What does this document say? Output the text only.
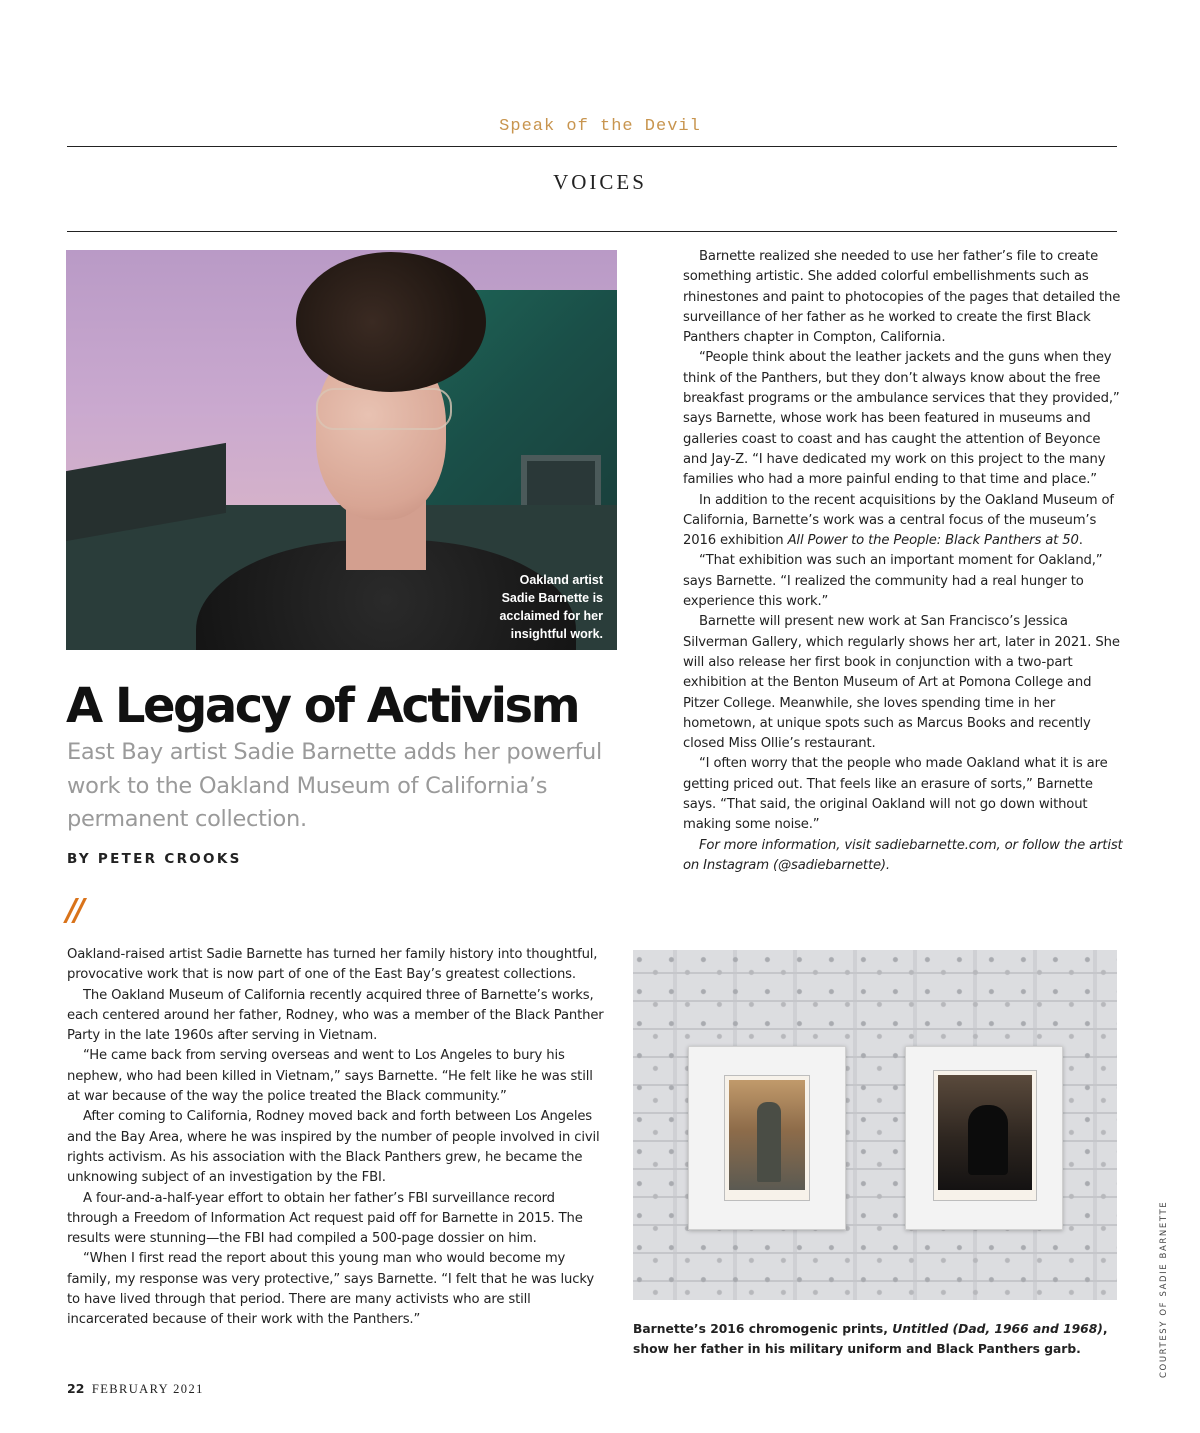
Speak of the Devil
VOICES
Oakland artist
Sadie Barnette is
acclaimed for her
insightful work.
A Legacy of Activism
East Bay artist Sadie Barnette adds her powerful work to the Oakland Museum of California’s permanent collection.
BY PETER CROOKS
//

Oakland-raised artist Sadie Barnette has turned her family history into thoughtful, provocative work that is now part of one of the East Bay’s greatest collections.

The Oakland Museum of California recently acquired three of Barnette’s works, each centered around her father, Rodney, who was a member of the Black Panther Party in the late 1960s after serving in Vietnam.

“He came back from serving overseas and went to Los Angeles to bury his nephew, who had been killed in Vietnam,” says Barnette. “He felt like he was still at war because of the way the police treated the Black community.”

After coming to California, Rodney moved back and forth between Los Angeles and the Bay Area, where he was inspired by the number of people involved in civil rights activism. As his association with the Black Panthers grew, he became the unknowing subject of an investigation by the FBI.

A four-and-a-half-year effort to obtain her father’s FBI surveillance record through a Freedom of Information Act request paid off for Barnette in 2015. The results were stunning—the FBI had compiled a 500-page dossier on him.

“When I first read the report about this young man who would become my family, my response was very protective,” says Barnette. “I felt that he was lucky to have lived through that period. There are many activists who are still incarcerated because of their work with the Panthers.”

Barnette realized she needed to use her father’s file to create something artistic. She added colorful embellishments such as rhinestones and paint to photocopies of the pages that detailed the surveillance of her father as he worked to create the first Black Panthers chapter in Compton, California.

“People think about the leather jackets and the guns when they think of the Panthers, but they don’t always know about the free breakfast programs or the ambulance services that they provided,” says Barnette, whose work has been featured in museums and galleries coast to coast and has caught the attention of Beyonce and Jay-Z. “I have dedicated my work on this project to the many families who had a more painful ending to that time and place.”

In addition to the recent acquisitions by the Oakland Museum of California, Barnette’s work was a central focus of the museum’s 2016 exhibition All Power to the People: Black Panthers at 50.

“That exhibition was such an important moment for Oakland,” says Barnette. “I realized the community had a real hunger to experience this work.”

Barnette will present new work at San Francisco’s Jessica Silverman Gallery, which regularly shows her art, later in 2021. She will also release her first book in conjunction with a two-part exhibition at the Benton Museum of Art at Pomona College and Pitzer College. Meanwhile, she loves spending time in her hometown, at unique spots such as Marcus Books and recently closed Miss Ollie’s restaurant.

“I often worry that the people who made Oakland what it is are getting priced out. That feels like an erasure of sorts,” Barnette says. “That said, the original Oakland will not go down without making some noise.”

For more information, visit sadiebarnette.com, or follow the artist on Instagram (@sadiebarnette).

Barnette’s 2016 chromogenic prints, Untitled (Dad, 1966 and 1968), show her father in his military uniform and Black Panthers garb.	COURTESY OF SADIE BARNETTE
22 FEBRUARY 2021
